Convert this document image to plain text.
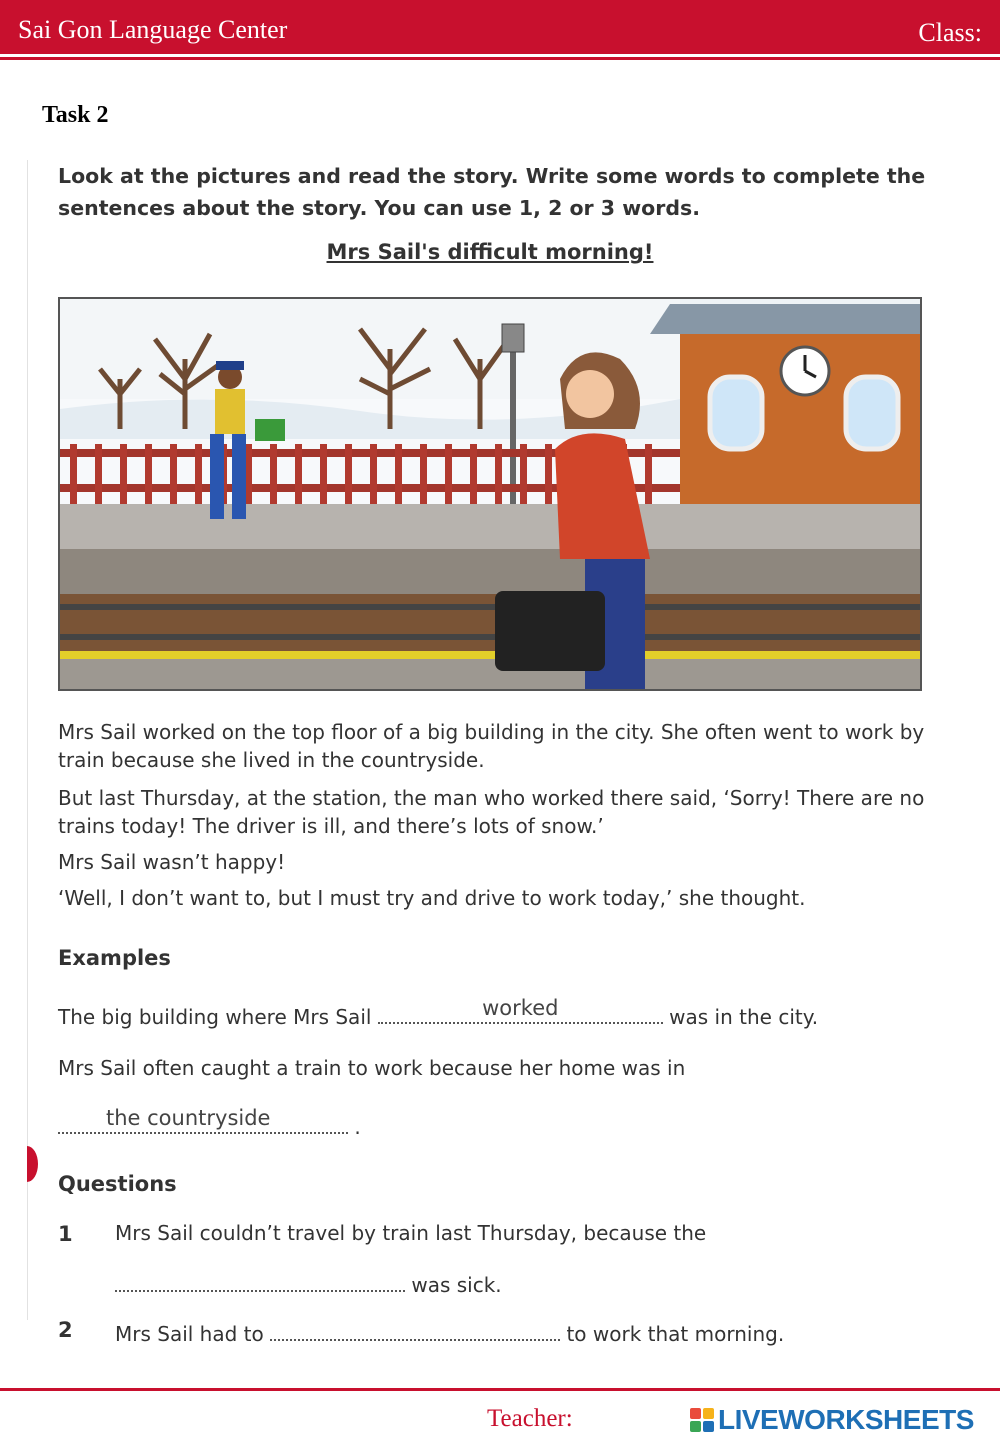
Sai Gon Language Center	Class:
Task 2
Look at the pictures and read the story. Write some words to complete the sentences about the story. You can use 1, 2 or 3 words.
Mrs Sail's difficult morning!
Mrs Sail worked on the top floor of a big building in the city. She often went to work by train because she lived in the countryside.
But last Thursday, at the station, the man who worked there said, ‘Sorry! There are no trains today! The driver is ill, and there’s lots of snow.’
Mrs Sail wasn’t happy!
‘Well, I don’t want to, but I must try and drive to work today,’ she thought.
Examples
The big building where Mrs Sail	worked	was in the city.
Mrs Sail often caught a train to work because her home was in
the countryside	.
Questions
1 Mrs Sail couldn’t travel by train last Thursday, because the
was sick.
2 Mrs Sail had to	to work that morning.
Teacher:	LIVEWORKSHEETS
